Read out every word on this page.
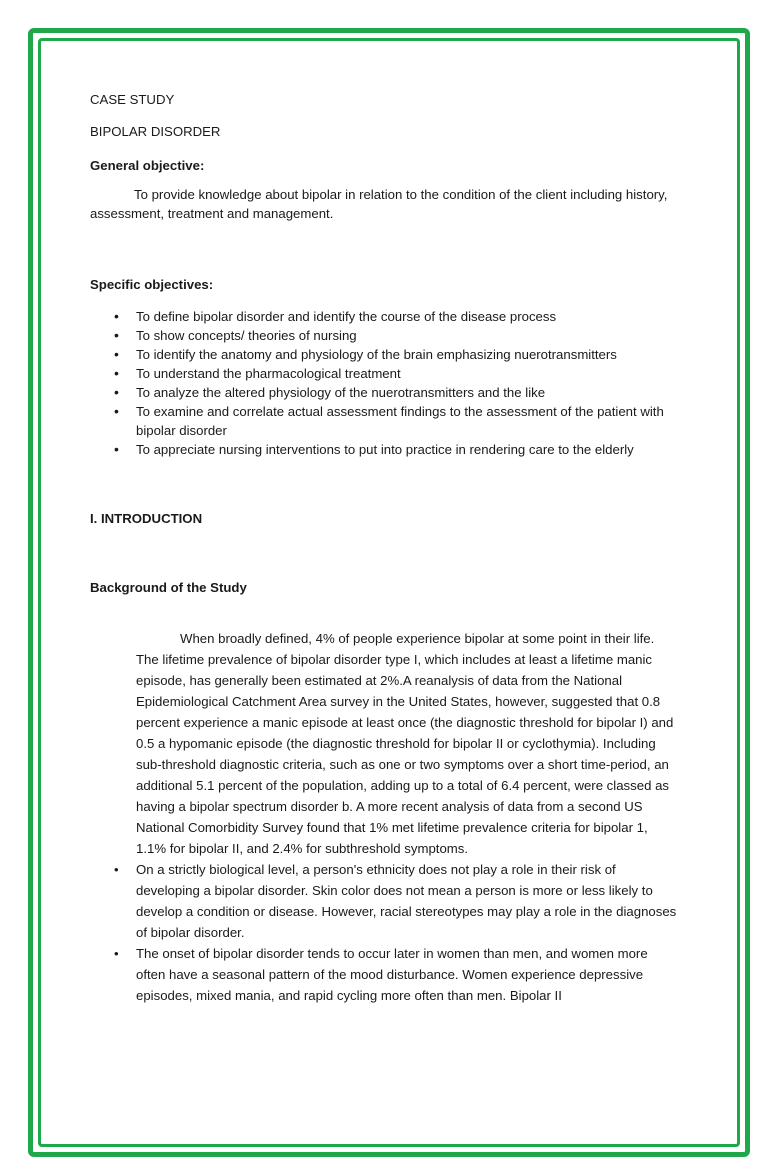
CASE STUDY
BIPOLAR DISORDER
General objective:

To provide knowledge about bipolar in relation to the condition of the client including history, assessment, treatment and management.

Specific objectives:
• To define bipolar disorder and identify the course of the disease process
• To show concepts/ theories of nursing
• To identify the anatomy and physiology of the brain emphasizing nuerotransmitters
• To understand the pharmacological treatment
• To analyze the altered physiology of the nuerotransmitters and the like
• To examine and correlate actual assessment findings to the assessment of the patient with bipolar disorder
• To appreciate nursing interventions to put into practice in rendering care to the elderly
I. INTRODUCTION
Background of the Study

When broadly defined, 4% of people experience bipolar at some point in their life. The lifetime prevalence of bipolar disorder type I, which includes at least a lifetime manic episode, has generally been estimated at 2%.A reanalysis of data from the National Epidemiological Catchment Area survey in the United States, however, suggested that 0.8 percent experience a manic episode at least once (the diagnostic threshold for bipolar I) and 0.5 a hypomanic episode (the diagnostic threshold for bipolar II or cyclothymia). Including sub-threshold diagnostic criteria, such as one or two symptoms over a short time-period, an additional 5.1 percent of the population, adding up to a total of 6.4 percent, were classed as having a bipolar spectrum disorder b. A more recent analysis of data from a second US National Comorbidity Survey found that 1% met lifetime prevalence criteria for bipolar 1, 1.1% for bipolar II, and 2.4% for subthreshold symptoms.

• On a strictly biological level, a person's ethnicity does not play a role in their risk of developing a bipolar disorder. Skin color does not mean a person is more or less likely to develop a condition or disease. However, racial stereotypes may play a role in the diagnoses of bipolar disorder.
• The onset of bipolar disorder tends to occur later in women than men, and women more often have a seasonal pattern of the mood disturbance. Women experience depressive episodes, mixed mania, and rapid cycling more often than men. Bipolar II
